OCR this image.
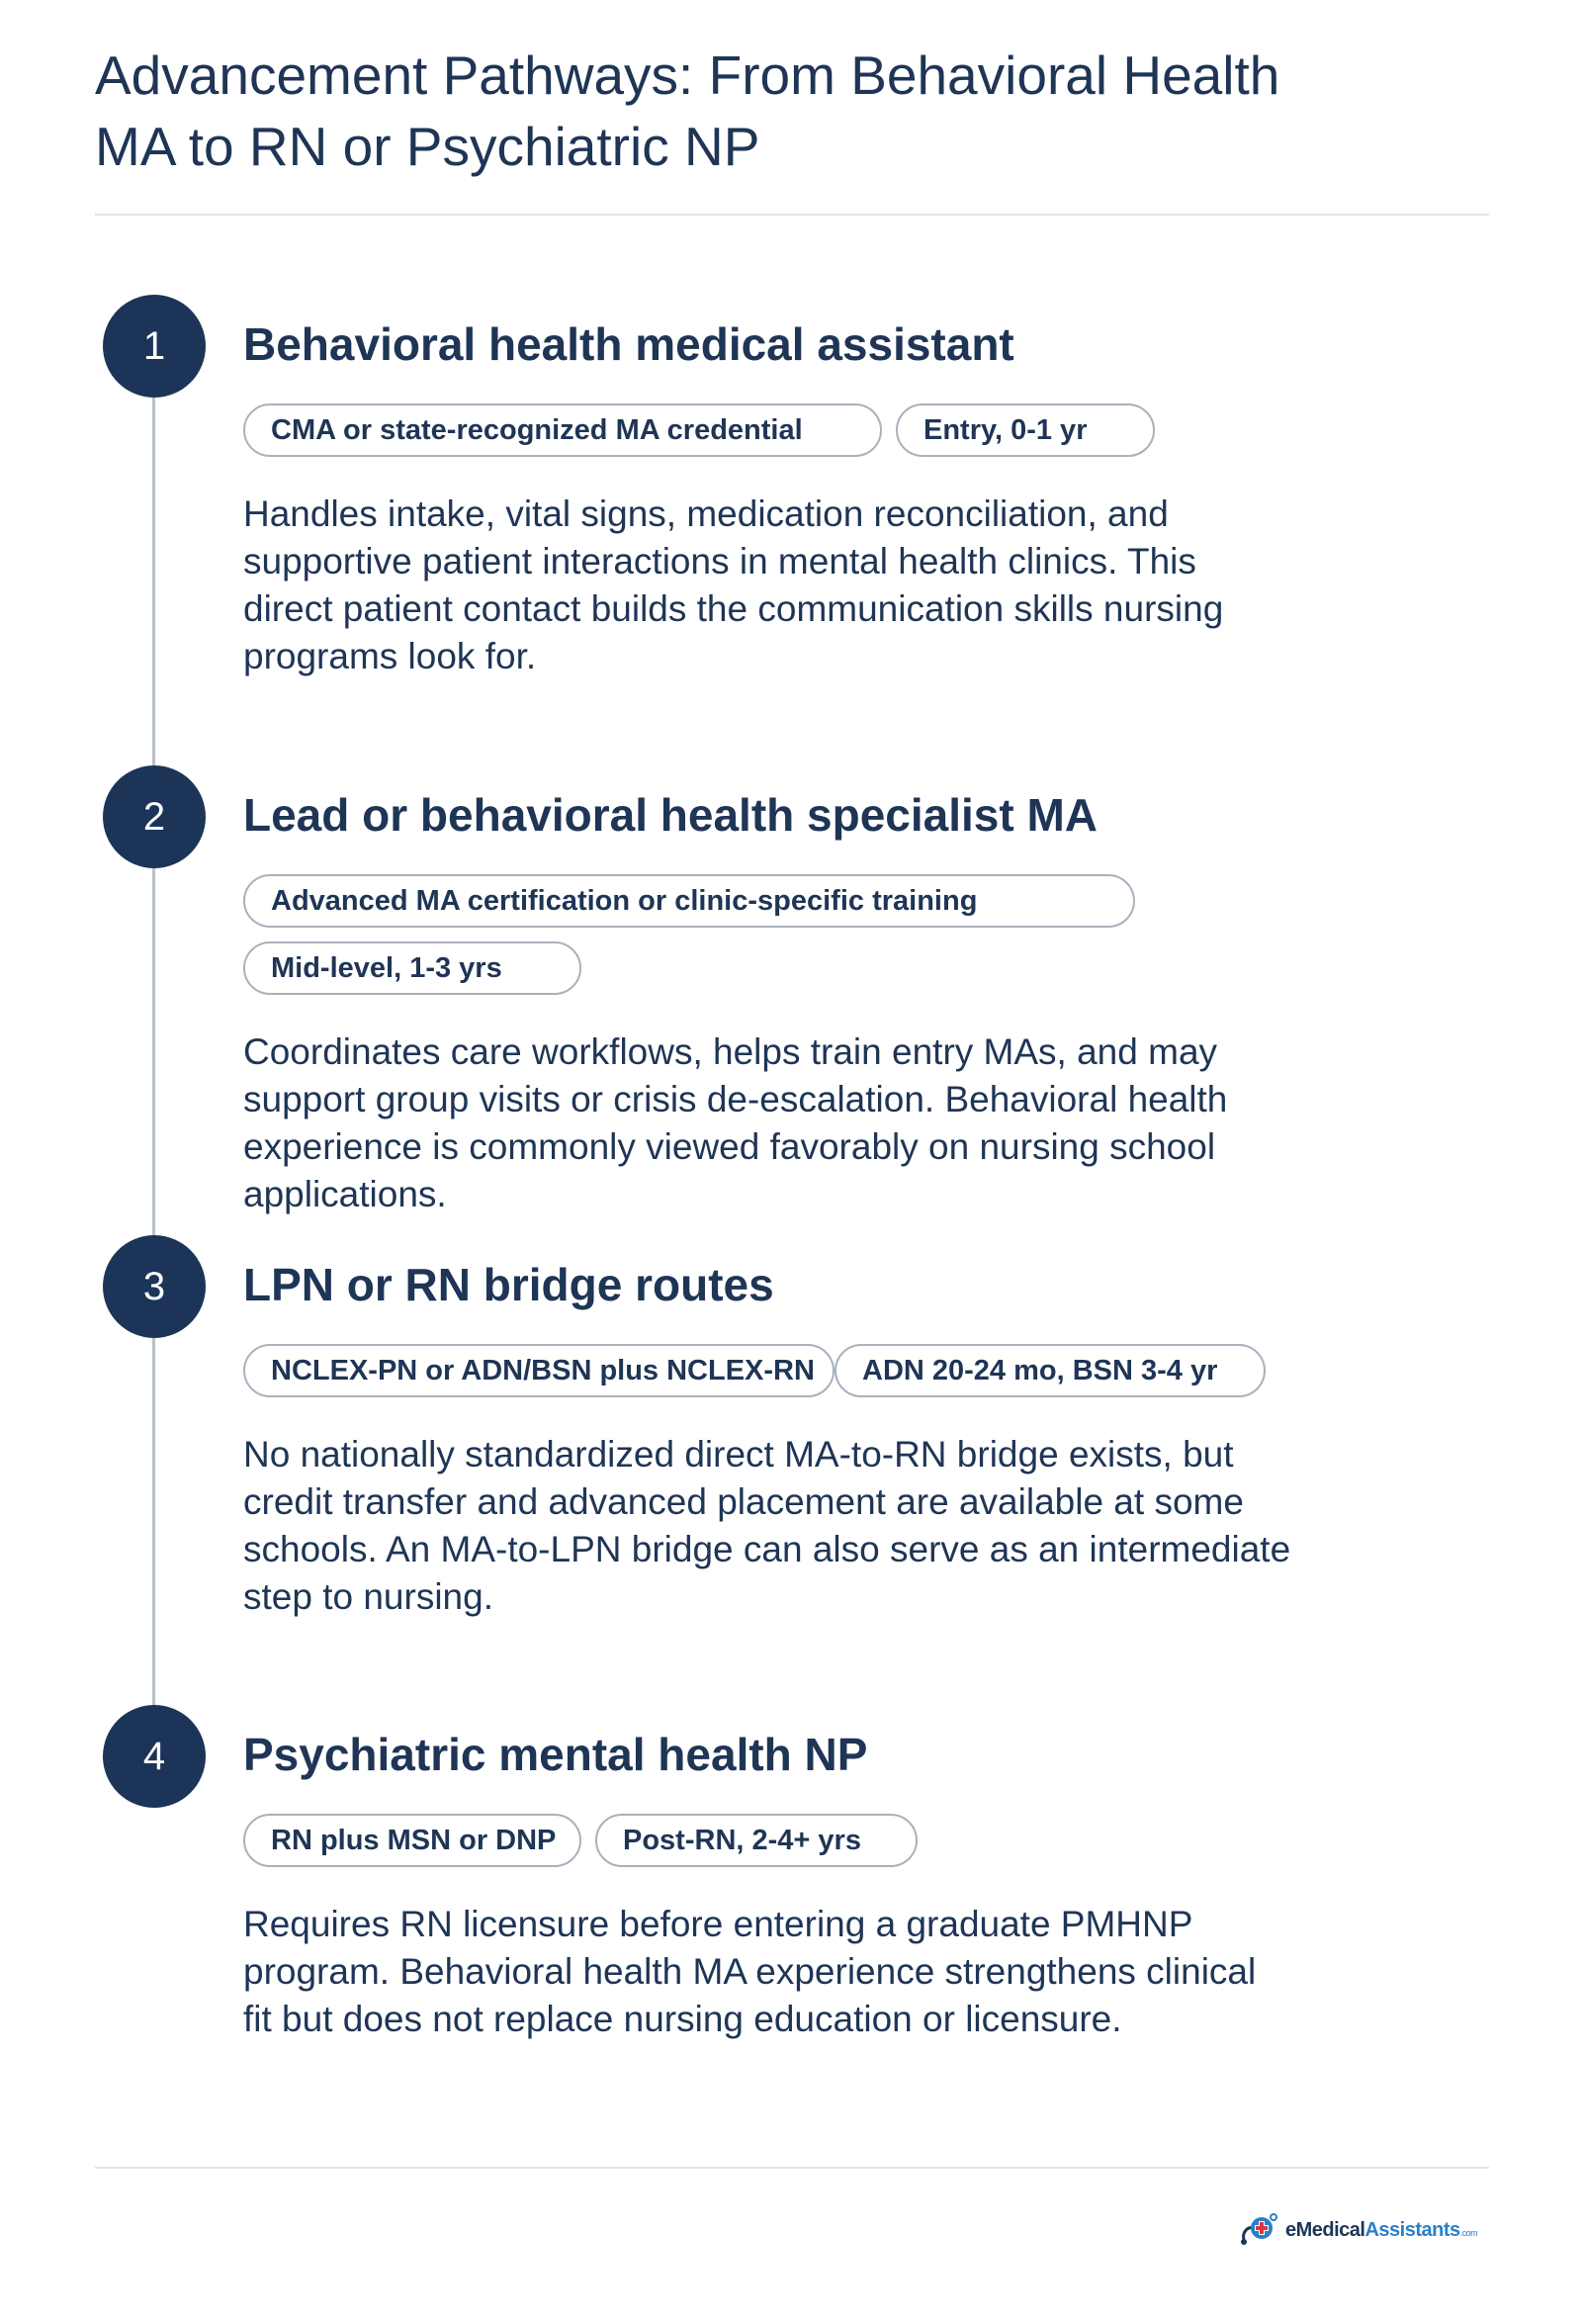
Advancement Pathways: From Behavioral Health
MA to RN or Psychiatric NP
1	Behavioral health medical assistant
CMA or state-recognized MA credential	Entry, 0-1 yr

Handles intake, vital signs, medication reconciliation, and supportive patient interactions in mental health clinics. This direct patient contact builds the communication skills nursing programs look for.

2	Lead or behavioral health specialist MA
Advanced MA certification or clinic-specific training
Mid-level, 1-3 yrs

Coordinates care workflows, helps train entry MAs, and may support group visits or crisis de-escalation. Behavioral health experience is commonly viewed favorably on nursing school applications.

3	LPN or RN bridge routes
NCLEX-PN or ADN/BSN plus NCLEX-RN	ADN 20-24 mo, BSN 3-4 yr

No nationally standardized direct MA-to-RN bridge exists, but credit transfer and advanced placement are available at some schools. An MA-to-LPN bridge can also serve as an intermediate step to nursing.

4	Psychiatric mental health NP
RN plus MSN or DNP	Post-RN, 2-4+ yrs

Requires RN licensure before entering a graduate PMHNP program. Behavioral health MA experience strengthens clinical fit but does not replace nursing education or licensure.

eMedicalAssistants.com
